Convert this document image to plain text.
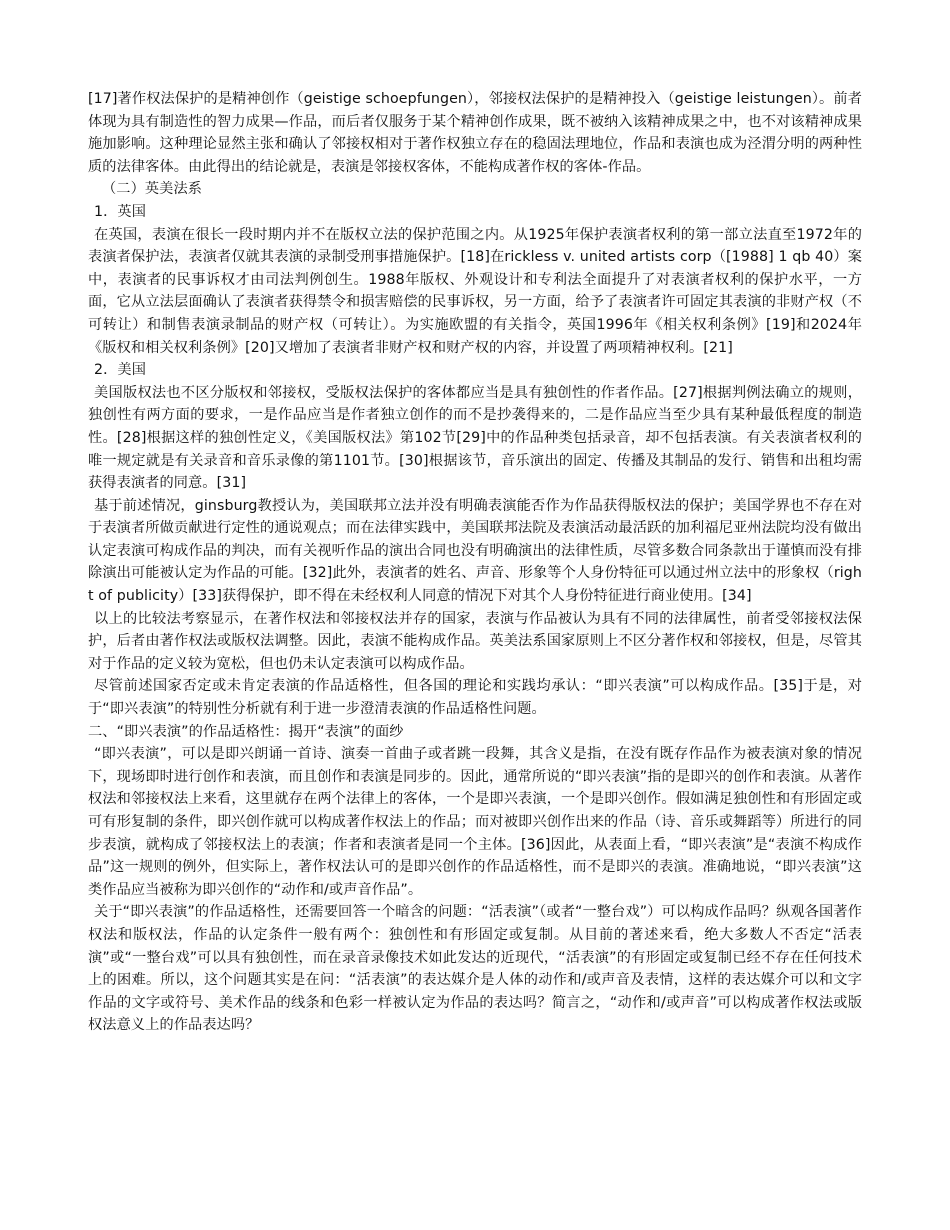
[17]著作权法保护的是精神创作（geistige schoepfungen），邻接权法保护的是精神投入（geistige leistungen）。前者体现为具有制造性的智力成果—作品，而后者仅服务于某个精神创作成果，既不被纳入该精神成果之中，也不对该精神成果施加影响。这种理论显然主张和确认了邻接权相对于著作权独立存在的稳固法理地位，作品和表演也成为泾渭分明的两种性质的法律客体。由此得出的结论就是，表演是邻接权客体，不能构成著作权的客体-作品。

（二）英美法系

1．英国

在英国，表演在很长一段时期内并不在版权立法的保护范围之内。从1925年保护表演者权利的第一部立法直至1972年的表演者保护法，表演者仅就其表演的录制受刑事措施保护。[18]在rickless v. united artists corp（[1988] 1 qb 40）案中，表演者的民事诉权才由司法判例创生。1988年版权、外观设计和专利法全面提升了对表演者权利的保护水平，一方面，它从立法层面确认了表演者获得禁令和损害赔偿的民事诉权，另一方面，给予了表演者许可固定其表演的非财产权（不可转让）和制售表演录制品的财产权（可转让）。为实施欧盟的有关指令，英国1996年《相关权利条例》[19]和2024年《版权和相关权利条例》[20]又增加了表演者非财产权和财产权的内容，并设置了两项精神权利。[21]

2．美国

美国版权法也不区分版权和邻接权，受版权法保护的客体都应当是具有独创性的作者作品。[27]根据判例法确立的规则，独创性有两方面的要求，一是作品应当是作者独立创作的而不是抄袭得来的，二是作品应当至少具有某种最低程度的制造性。[28]根据这样的独创性定义，《美国版权法》第102节[29]中的作品种类包括录音，却不包括表演。有关表演者权利的唯一规定就是有关录音和音乐录像的第1101节。[30]根据该节，音乐演出的固定、传播及其制品的发行、销售和出租均需获得表演者的同意。[31]

基于前述情况，ginsburg教授认为，美国联邦立法并没有明确表演能否作为作品获得版权法的保护；美国学界也不存在对于表演者所做贡献进行定性的通说观点；而在法律实践中，美国联邦法院及表演活动最活跃的加利福尼亚州法院均没有做出认定表演可构成作品的判决，而有关视听作品的演出合同也没有明确演出的法律性质，尽管多数合同条款出于谨慎而没有排除演出可能被认定为作品的可能。[32]此外，表演者的姓名、声音、形象等个人身份特征可以通过州立法中的形象权（right of publicity）[33]获得保护，即不得在未经权利人同意的情况下对其个人身份特征进行商业使用。[34]

以上的比较法考察显示，在著作权法和邻接权法并存的国家，表演与作品被认为具有不同的法律属性，前者受邻接权法保护，后者由著作权法或版权法调整。因此，表演不能构成作品。英美法系国家原则上不区分著作权和邻接权，但是，尽管其对于作品的定义较为宽松，但也仍未认定表演可以构成作品。

尽管前述国家否定或未肯定表演的作品适格性，但各国的理论和实践均承认：“即兴表演”可以构成作品。[35]于是，对于“即兴表演”的特别性分析就有利于进一步澄清表演的作品适格性问题。

二、“即兴表演”的作品适格性：揭开“表演”的面纱

“即兴表演”，可以是即兴朗诵一首诗、演奏一首曲子或者跳一段舞，其含义是指，在没有既存作品作为被表演对象的情况下，现场即时进行创作和表演，而且创作和表演是同步的。因此，通常所说的“即兴表演”指的是即兴的创作和表演。从著作权法和邻接权法上来看，这里就存在两个法律上的客体，一个是即兴表演，一个是即兴创作。假如满足独创性和有形固定或可有形复制的条件，即兴创作就可以构成著作权法上的作品；而对被即兴创作出来的作品（诗、音乐或舞蹈等）所进行的同步表演，就构成了邻接权法上的表演；作者和表演者是同一个主体。[36]因此，从表面上看，“即兴表演”是“表演不构成作品”这一规则的例外，但实际上，著作权法认可的是即兴创作的作品适格性，而不是即兴的表演。准确地说，“即兴表演”这类作品应当被称为即兴创作的“动作和/或声音作品”。

关于“即兴表演”的作品适格性，还需要回答一个暗含的问题：“活表演”（或者“一整台戏”）可以构成作品吗？纵观各国著作权法和版权法，作品的认定条件一般有两个：独创性和有形固定或复制。从目前的著述来看，绝大多数人不否定“活表演”或“一整台戏”可以具有独创性，而在录音录像技术如此发达的近现代，“活表演”的有形固定或复制已经不存在任何技术上的困难。所以，这个问题其实是在问：“活表演”的表达媒介是人体的动作和/或声音及表情，这样的表达媒介可以和文字作品的文字或符号、美术作品的线条和色彩一样被认定为作品的表达吗？简言之，“动作和/或声音”可以构成著作权法或版权法意义上的作品表达吗？
